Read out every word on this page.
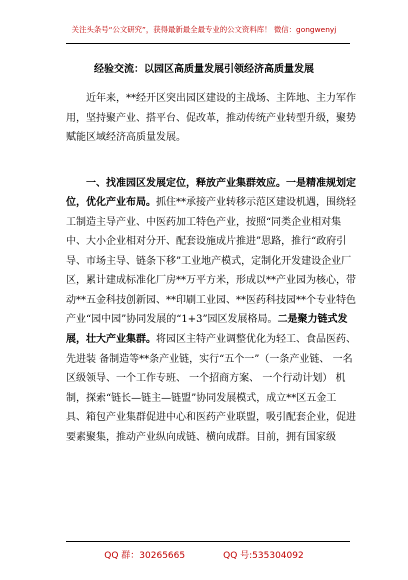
关注头条号“公文研究”，获得最新最全最专业的公文资料库！ 微信：gongwenyj
经验交流：以园区高质量发展引领经济高质量发展

近年来，**经开区突出园区建设的主战场、主阵地、主力军作用，坚持聚产业、搭平台、促改革，推动传统产业转型升级，聚势赋能区域经济高质量发展。

一、找准园区发展定位，释放产业集群效应。一是精准规划定位，优化产业布局。抓住**承接产业转移示范区建设机遇，围绕轻工制造主导产业、中医药加工特色产业，按照“同类企业相对集中、大小企业相对分开、配套设施成片推进”思路，推行“政府引导、市场主导、链条下移”工业地产模式，定制化开发建设企业厂区，累计建成标准化厂房**万平方米，形成以**产业园为核心，带动**五金科技创新园、**印刷工业园、**医药科技园**个专业特色产业“园中园”协同发展的“1+3”园区发展格局。二是聚力链式发展，壮大产业集群。将园区主特产业调整优化为轻工、食品医药、先进装 备制造等**条产业链，实行“五个一”（一条产业链、 一名区级领导、一个工作专班、 一个招商方案、 一个行动计划） 机制，探索“链长—链主—链盟”协同发展模式，成立**区五金工具、箱包产业集群促进中心和医药产业联盟，吸引配套企业，促进要素聚集，推动产业纵向成链、横向成群。目前，拥有国家级

QQ 群：30265665	QQ 号:535304092
